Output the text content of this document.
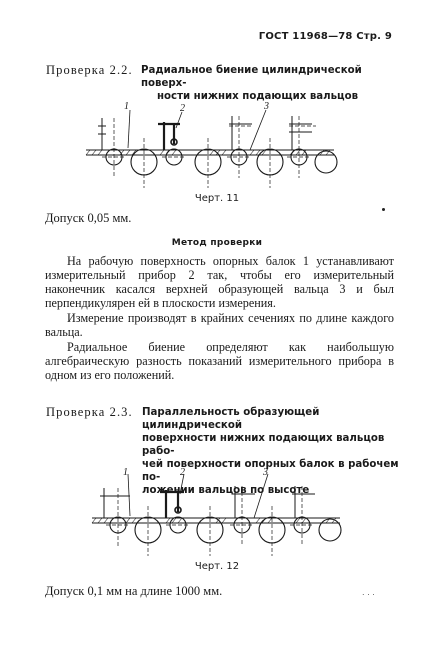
ГОСТ 11968—78 Стр. 9
Проверка 2.2. Радиальное биение цилиндрической поверх-
ности нижних подающих вальцов
1	2	3
Черт. 11
Допуск 0,05 мм.
Метод проверки
На рабочую поверхность опорных балок 1 устанавливают измерительный прибор 2 так, чтобы его измерительный наконечник касался верхней образующей вальца 3 и был перпендикулярен ей в плоскости измерения.
Измерение производят в крайних сечениях по длине каждого вальца.
Радиальное биение определяют как наибольшую алгебраическую разность показаний измерительного прибора в одном из его положений.
Проверка 2.3. Параллельность образующей цилиндрической
поверхности нижних подающих вальцов рабо-
чей поверхности опорных балок в рабочем по-
ложении вальцов по высоте
1	2	3
Черт. 12
Допуск 0,1 мм на длине 1000 мм.	. . .
